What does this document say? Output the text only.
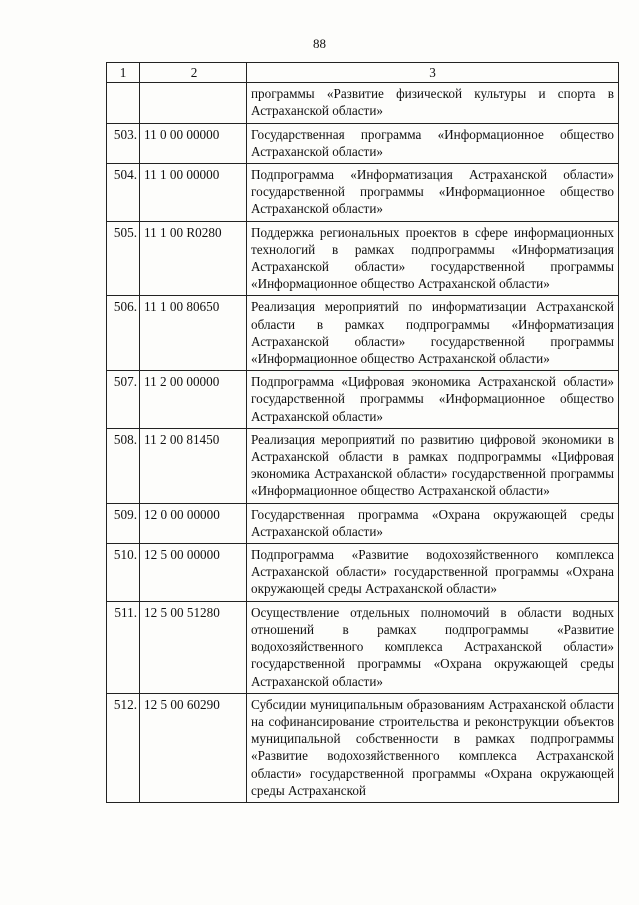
88
1	2	3
		программы «Развитие физической культуры и спорта в Астраханской области»
503.	11 0 00 00000	Государственная программа «Информационное общество Астраханской области»
504.	11 1 00 00000	Подпрограмма «Информатизация Астраханской области» государственной программы «Информационное общество Астраханской области»
505.	11 1 00 R0280	Поддержка региональных проектов в сфере информационных технологий в рамках подпрограммы «Информатизация Астраханской области» государственной программы «Информационное общество Астраханской области»
506.	11 1 00 80650	Реализация мероприятий по информатизации Астраханской области в рамках подпрограммы «Информатизация Астраханской области» государственной программы «Информационное общество Астраханской области»
507.	11 2 00 00000	Подпрограмма «Цифровая экономика Астраханской области» государственной программы «Информационное общество Астраханской области»
508.	11 2 00 81450	Реализация мероприятий по развитию цифровой экономики в Астраханской области в рамках подпрограммы «Цифровая экономика Астраханской области» государственной программы «Информационное общество Астраханской области»
509.	12 0 00 00000	Государственная программа «Охрана окружающей среды Астраханской области»
510.	12 5 00 00000	Подпрограмма «Развитие водохозяйственного комплекса Астраханской области» государственной программы «Охрана окружающей среды Астраханской области»
511.	12 5 00 51280	Осуществление отдельных полномочий в области водных отношений в рамках подпрограммы «Развитие водохозяйственного комплекса Астраханской области» государственной программы «Охрана окружающей среды Астраханской области»
512.	12 5 00 60290	Субсидии муниципальным образованиям Астраханской области на софинансирование строительства и реконструкции объектов муниципальной собственности в рамках подпрограммы «Развитие водохозяйственного комплекса Астраханской области» государственной программы «Охрана окружающей среды Астраханской
